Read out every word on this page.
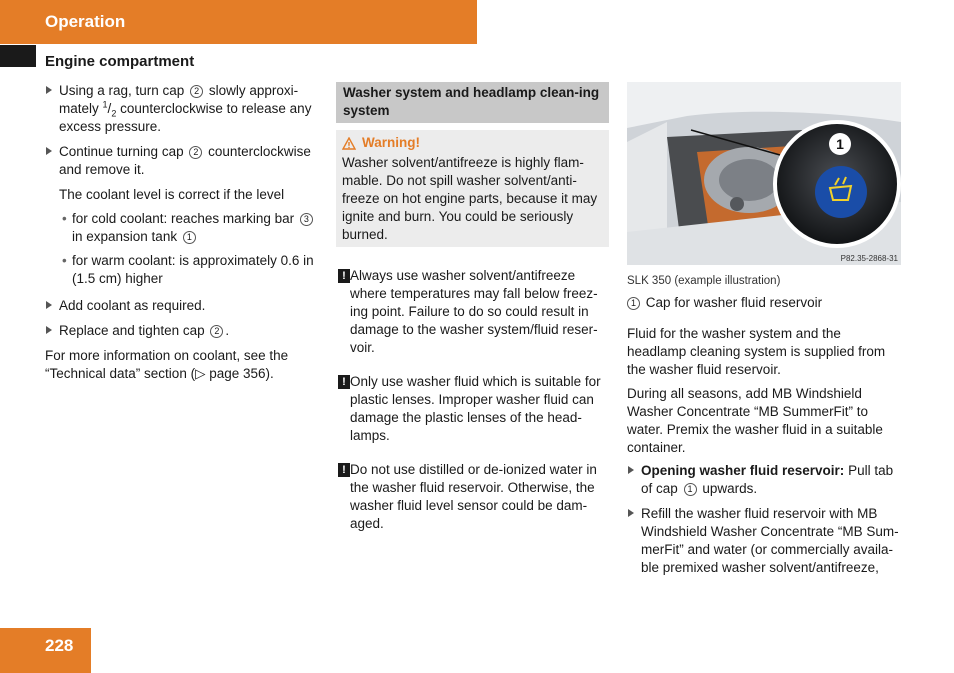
Operation
Engine compartment
Using a rag, turn cap 2 slowly approxi-mately $^1/_2$ counterclockwise to release any excess pressure.
Continue turning cap 2 counterclockwise and remove it.
The coolant level is correct if the level
• for cold coolant: reaches marking bar 3 in expansion tank 1
• for warm coolant: is approximately 0.6 in (1.5 cm) higher
Add coolant as required.
Replace and tighten cap 2 .
For more information on coolant, see the “Technical data” section (▷ page 356).
Washer system and headlamp clean-ing system
Warning!
Washer solvent/antifreeze is highly flam-mable. Do not spill washer solvent/anti-freeze on hot engine parts, because it may ignite and burn. You could be seriously burned.
! Always use washer solvent/antifreeze where temperatures may fall below freez-ing point. Failure to do so could result in damage to the washer system/fluid reser-voir.
! Only use washer fluid which is suitable for plastic lenses. Improper washer fluid can damage the plastic lenses of the head-lamps.
! Do not use distilled or de-ionized water in the washer fluid reservoir. Otherwise, the washer fluid level sensor could be dam-aged.
1
P82.35-2868-31
SLK 350 (example illustration)
1 Cap for washer fluid reservoir
Fluid for the washer system and the headlamp cleaning system is supplied from the washer fluid reservoir.
During all seasons, add MB Windshield Washer Concentrate “MB SummerFit” to water. Premix the washer fluid in a suitable container.
Opening washer fluid reservoir: Pull tab of cap 1 upwards.
Refill the washer fluid reservoir with MB Windshield Washer Concentrate “MB Sum-merFit” and water (or commercially availa-ble premixed washer solvent/antifreeze,
228
